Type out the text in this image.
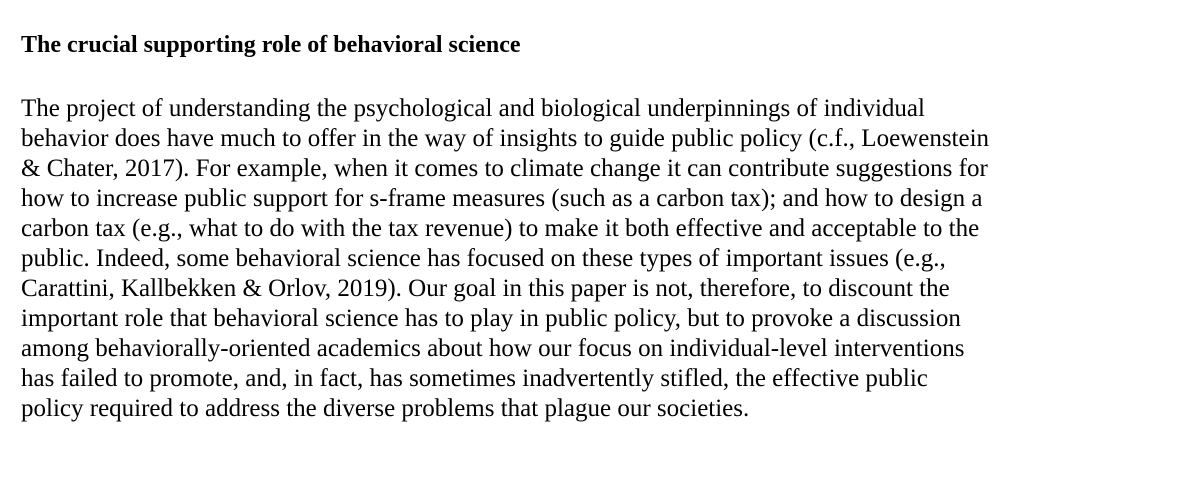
The crucial supporting role of behavioral science

The project of understanding the psychological and biological underpinnings of individual
behavior does have much to offer in the way of insights to guide public policy (c.f., Loewenstein
& Chater, 2017). For example, when it comes to climate change it can contribute suggestions for
how to increase public support for s-frame measures (such as a carbon tax); and how to design a
carbon tax (e.g., what to do with the tax revenue) to make it both effective and acceptable to the
public. Indeed, some behavioral science has focused on these types of important issues (e.g.,
Carattini, Kallbekken & Orlov, 2019). Our goal in this paper is not, therefore, to discount the
important role that behavioral science has to play in public policy, but to provoke a discussion
among behaviorally-oriented academics about how our focus on individual-level interventions
has failed to promote, and, in fact, has sometimes inadvertently stifled, the effective public
policy required to address the diverse problems that plague our societies.
